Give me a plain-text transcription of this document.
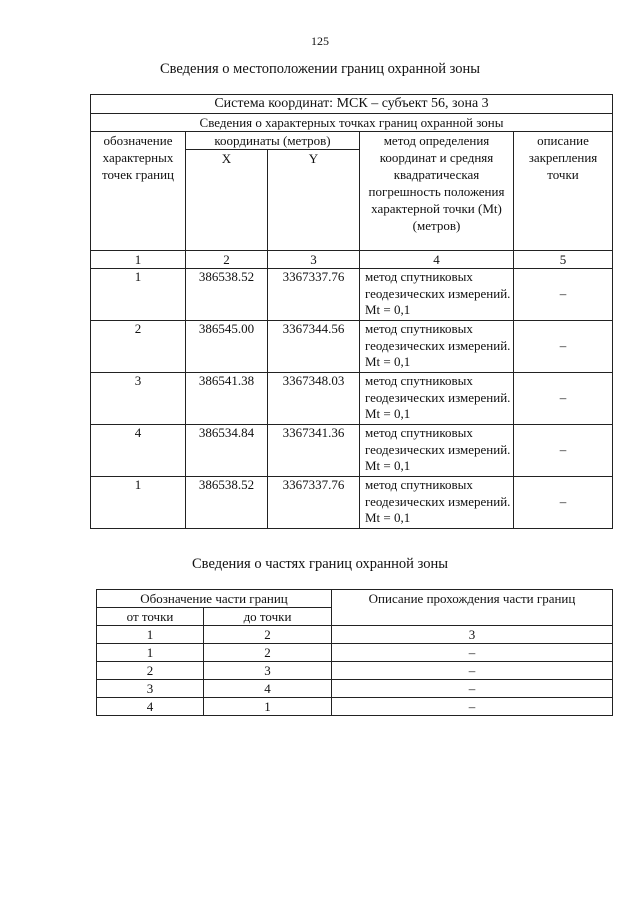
125
Сведения о местоположении границ охранной зоны
Система координат: МСК – субъект 56, зона 3				
Сведения о характерных точках границ охранной зоны				
обозначение характерных точек границ	координаты (метров)		метод определения координат и средняя квадратическая погрешность положения характерной точки (Mt) (метров)	описание закрепления точки
	X	Y		
1	2	3	4	5
1	386538.52	3367337.76	метод спутниковых геодезических измерений. Mt = 0,1	–
2	386545.00	3367344.56	метод спутниковых геодезических измерений. Mt = 0,1	–
3	386541.38	3367348.03	метод спутниковых геодезических измерений. Mt = 0,1	–
4	386534.84	3367341.36	метод спутниковых геодезических измерений. Mt = 0,1	–
1	386538.52	3367337.76	метод спутниковых геодезических измерений. Mt = 0,1	–
Сведения о частях границ охранной зоны
Обозначение части границ		Описание прохождения части границ
от точки	до точки	
1	2	3
1	2	–
2	3	–
3	4	–
4	1	–
